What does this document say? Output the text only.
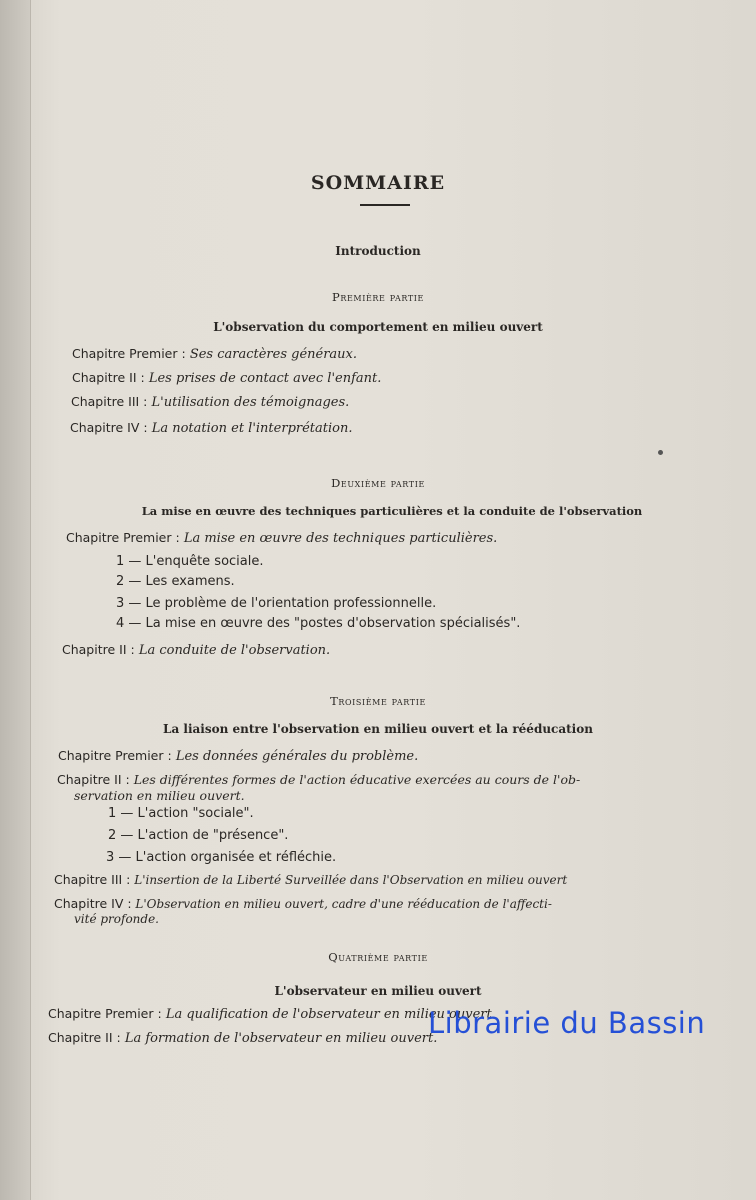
SOMMAIRE
Introduction
Première partie
L'observation du comportement en milieu ouvert
Chapitre Premier : Ses caractères généraux.
Chapitre II : Les prises de contact avec l'enfant.
Chapitre III : L'utilisation des témoignages.
Chapitre IV : La notation et l'interprétation.
Deuxième partie
La mise en œuvre des techniques particulières et la conduite de l'observation
Chapitre Premier : La mise en œuvre des techniques particulières.
1 — L'enquête sociale.
2 — Les examens.
3 — Le problème de l'orientation professionnelle.
4 — La mise en œuvre des "postes d'observation spécialisés".
Chapitre II : La conduite de l'observation.
Troisième partie
La liaison entre l'observation en milieu ouvert et la rééducation
Chapitre Premier : Les données générales du problème.
Chapitre II : Les différentes formes de l'action éducative exercées au cours de l'ob-
servation en milieu ouvert.
1 — L'action "sociale".
2 — L'action de "présence".
3 — L'action organisée et réfléchie.
Chapitre III : L'insertion de la Liberté Surveillée dans l'Observation en milieu ouvert
Chapitre IV : L'Observation en milieu ouvert, cadre d'une rééducation de l'affecti-
vité profonde.
Quatrième partie
L'observateur en milieu ouvert
Chapitre Premier : La qualification de l'observateur en milieu ouvert
Chapitre II : La formation de l'observateur en milieu ouvert.
Librairie du Bassin
